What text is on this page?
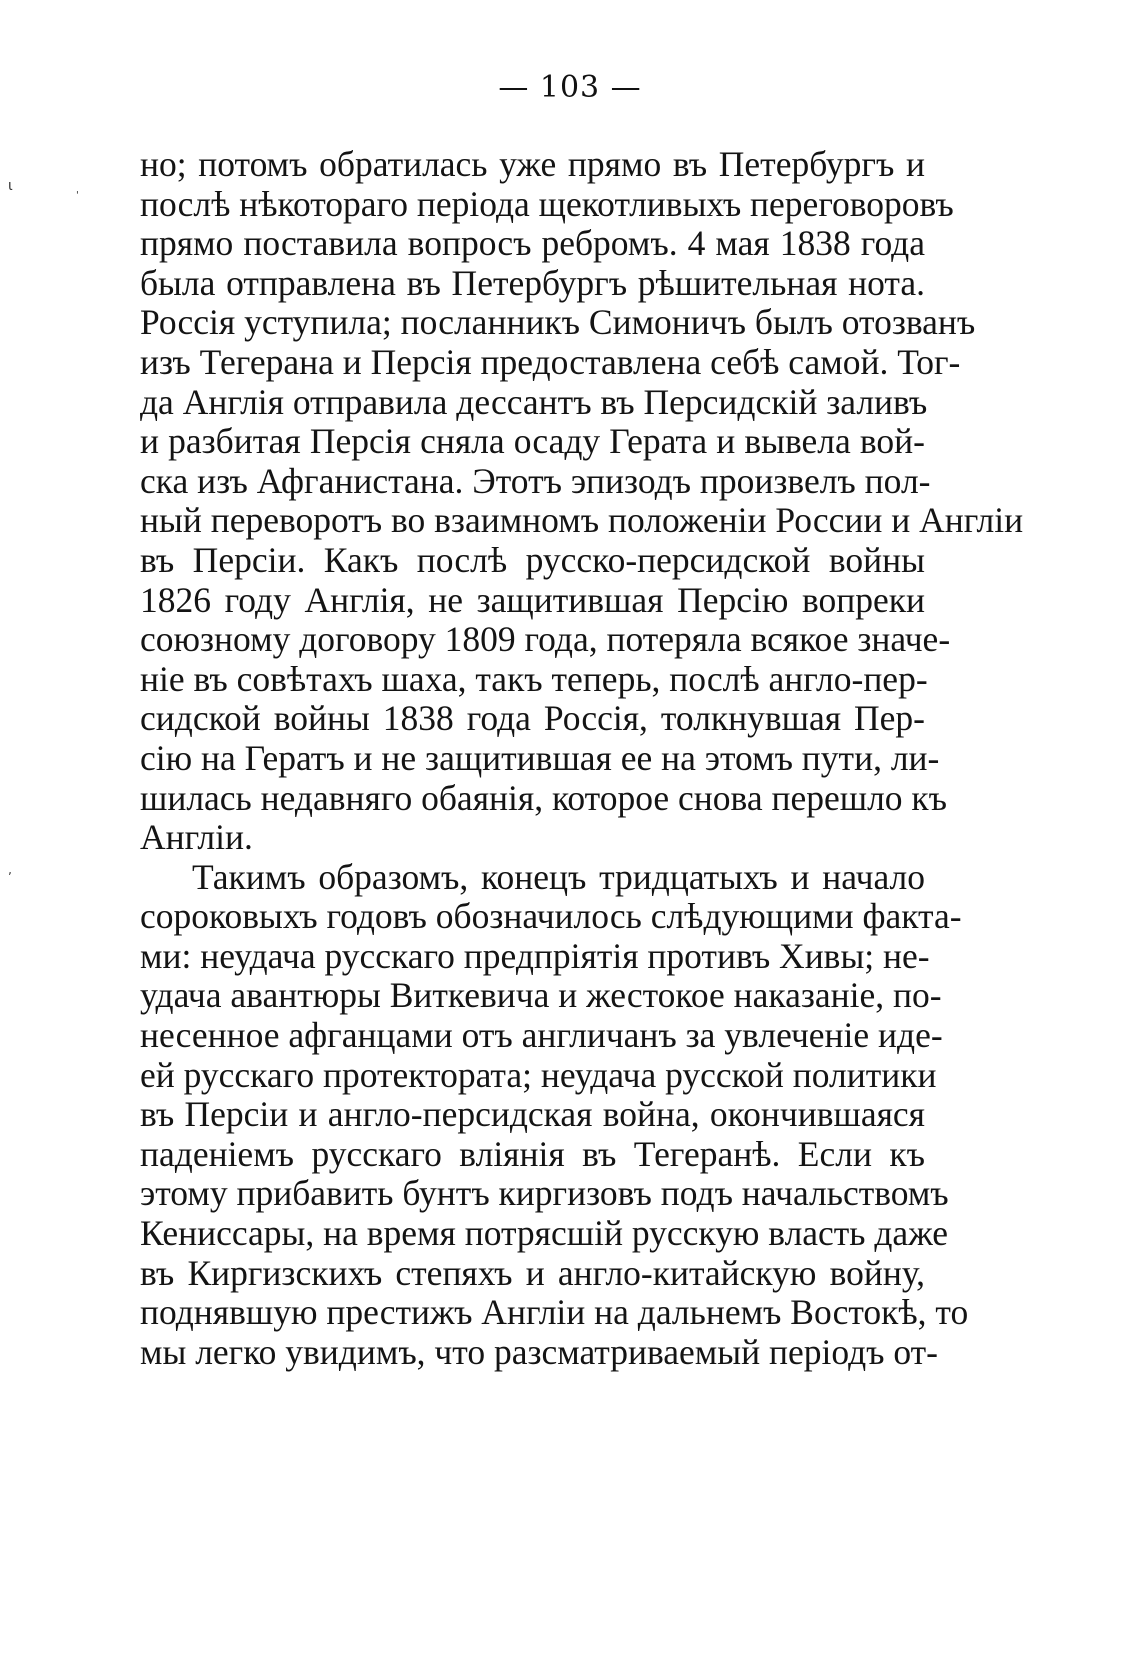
— 103 —
но; потомъ обратилась уже прямо въ Петербургъ и
послѣ нѣкотораго періода щекотливыхъ переговоровъ
прямо поставила вопросъ ребромъ. 4 мая 1838 года
была отправлена въ Петербургъ рѣшительная нота.
Россія уступила; посланникъ Симоничъ былъ отозванъ
изъ Тегерана и Персія предоставлена себѣ самой. Тог-
да Англія отправила дессантъ въ Персидскій заливъ
и разбитая Персія сняла осаду Герата и вывела вой-
ска изъ Афганистана. Этотъ эпизодъ произвелъ пол-
ный переворотъ во взаимномъ положеніи России и Англіи
въ Персіи. Какъ послѣ русско-персидской войны
1826 году Англія, не защитившая Персію вопреки
союзному договору 1809 года, потеряла всякое значе-
ніе въ совѣтахъ шаха, такъ теперь, послѣ англо-пер-
сидской войны 1838 года Россія, толкнувшая Пер-
сію на Гератъ и не защитившая ее на этомъ пути, ли-
шилась недавняго обаянія, которое снова перешло къ
Англіи.
Такимъ образомъ, конецъ тридцатыхъ и начало
сороковыхъ годовъ обозначилось слѣдующими факта-
ми: неудача русскаго предпріятія противъ Хивы; не-
удача авантюры Виткевича и жестокое наказаніе, по-
несенное афганцами отъ англичанъ за увлеченіе иде-
ей русскаго протектората; неудача русской политики
въ Персіи и англо-персидская война, окончившаяся
паденіемъ русскаго вліянія въ Тегеранѣ. Если къ
этому прибавить бунтъ киргизовъ подъ начальствомъ
Кениссары, на время потрясшій русскую власть даже
въ Киргизскихъ степяхъ и англо-китайскую войну,
поднявшую престижъ Англіи на дальнемъ Востокѣ, то
мы легко увидимъ, что разсматриваемый періодъ от-
ι
'
ʼ
